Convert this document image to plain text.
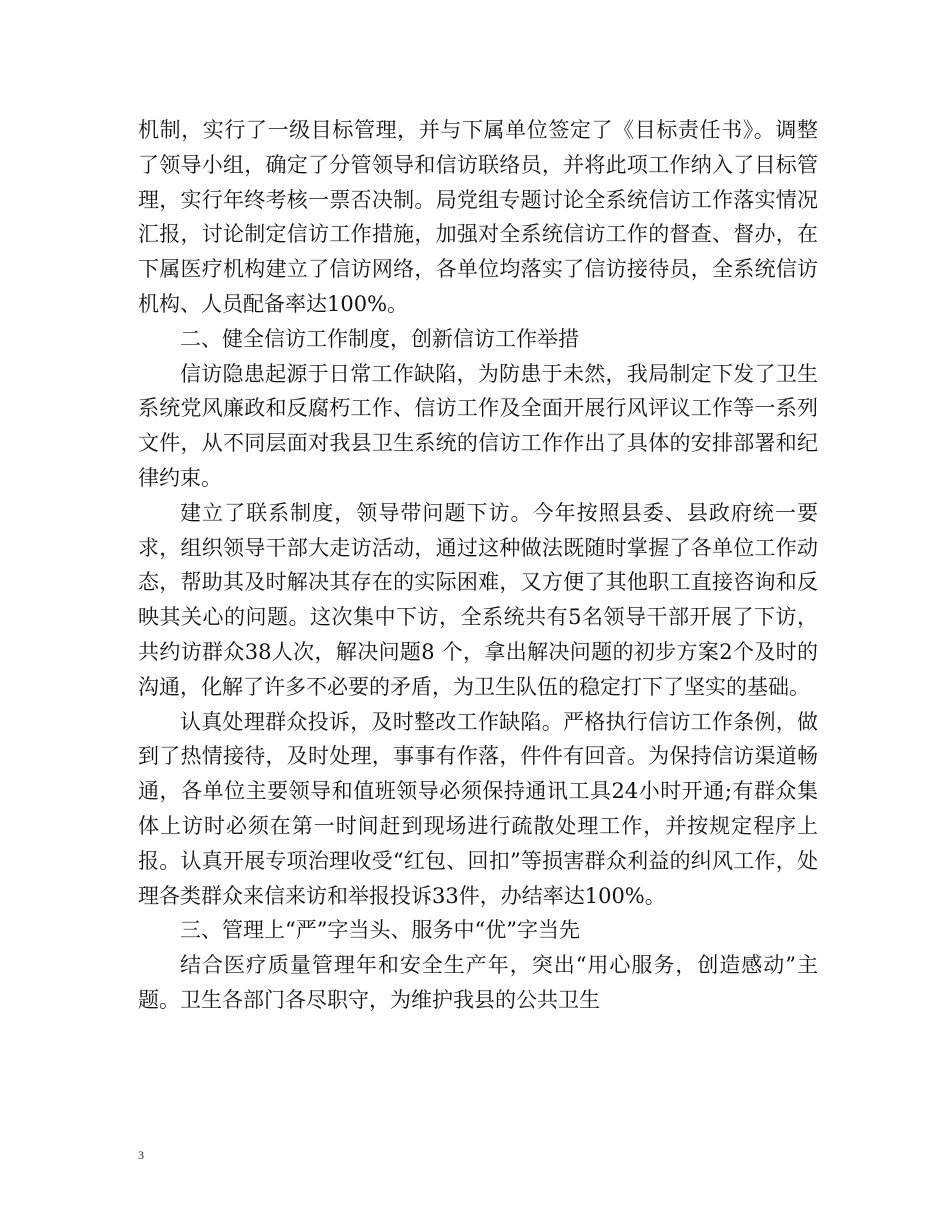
机制，实行了一级目标管理，并与下属单位签定了《目标责任书》。调整了领导小组，确定了分管领导和信访联络员，并将此项工作纳入了目标管理，实行年终考核一票否决制。局党组专题讨论全系统信访工作落实情况汇报，讨论制定信访工作措施，加强对全系统信访工作的督查、督办，在下属医疗机构建立了信访网络，各单位均落实了信访接待员，全系统信访机构、人员配备率达100%。

二、健全信访工作制度，创新信访工作举措

信访隐患起源于日常工作缺陷，为防患于未然，我局制定下发了卫生系统党风廉政和反腐朽工作、信访工作及全面开展行风评议工作等一系列文件，从不同层面对我县卫生系统的信访工作作出了具体的安排部署和纪律约束。

建立了联系制度，领导带问题下访。今年按照县委、县政府统一要求，组织领导干部大走访活动，通过这种做法既随时掌握了各单位工作动态，帮助其及时解决其存在的实际困难，又方便了其他职工直接咨询和反映其关心的问题。这次集中下访，全系统共有5名领导干部开展了下访，共约访群众38人次，解决问题8 个，拿出解决问题的初步方案2个及时的沟通，化解了许多不必要的矛盾，为卫生队伍的稳定打下了坚实的基础。

认真处理群众投诉，及时整改工作缺陷。严格执行信访工作条例，做到了热情接待，及时处理，事事有作落，件件有回音。为保持信访渠道畅通，各单位主要领导和值班领导必须保持通讯工具24小时开通;有群众集体上访时必须在第一时间赶到现场进行疏散处理工作，并按规定程序上报。认真开展专项治理收受“红包、回扣”等损害群众利益的纠风工作，处理各类群众来信来访和举报投诉33件，办结率达100%。

三、管理上“严”字当头、服务中“优”字当先

结合医疗质量管理年和安全生产年，突出“用心服务，创造感动”主题。卫生各部门各尽职守，为维护我县的公共卫生

3
